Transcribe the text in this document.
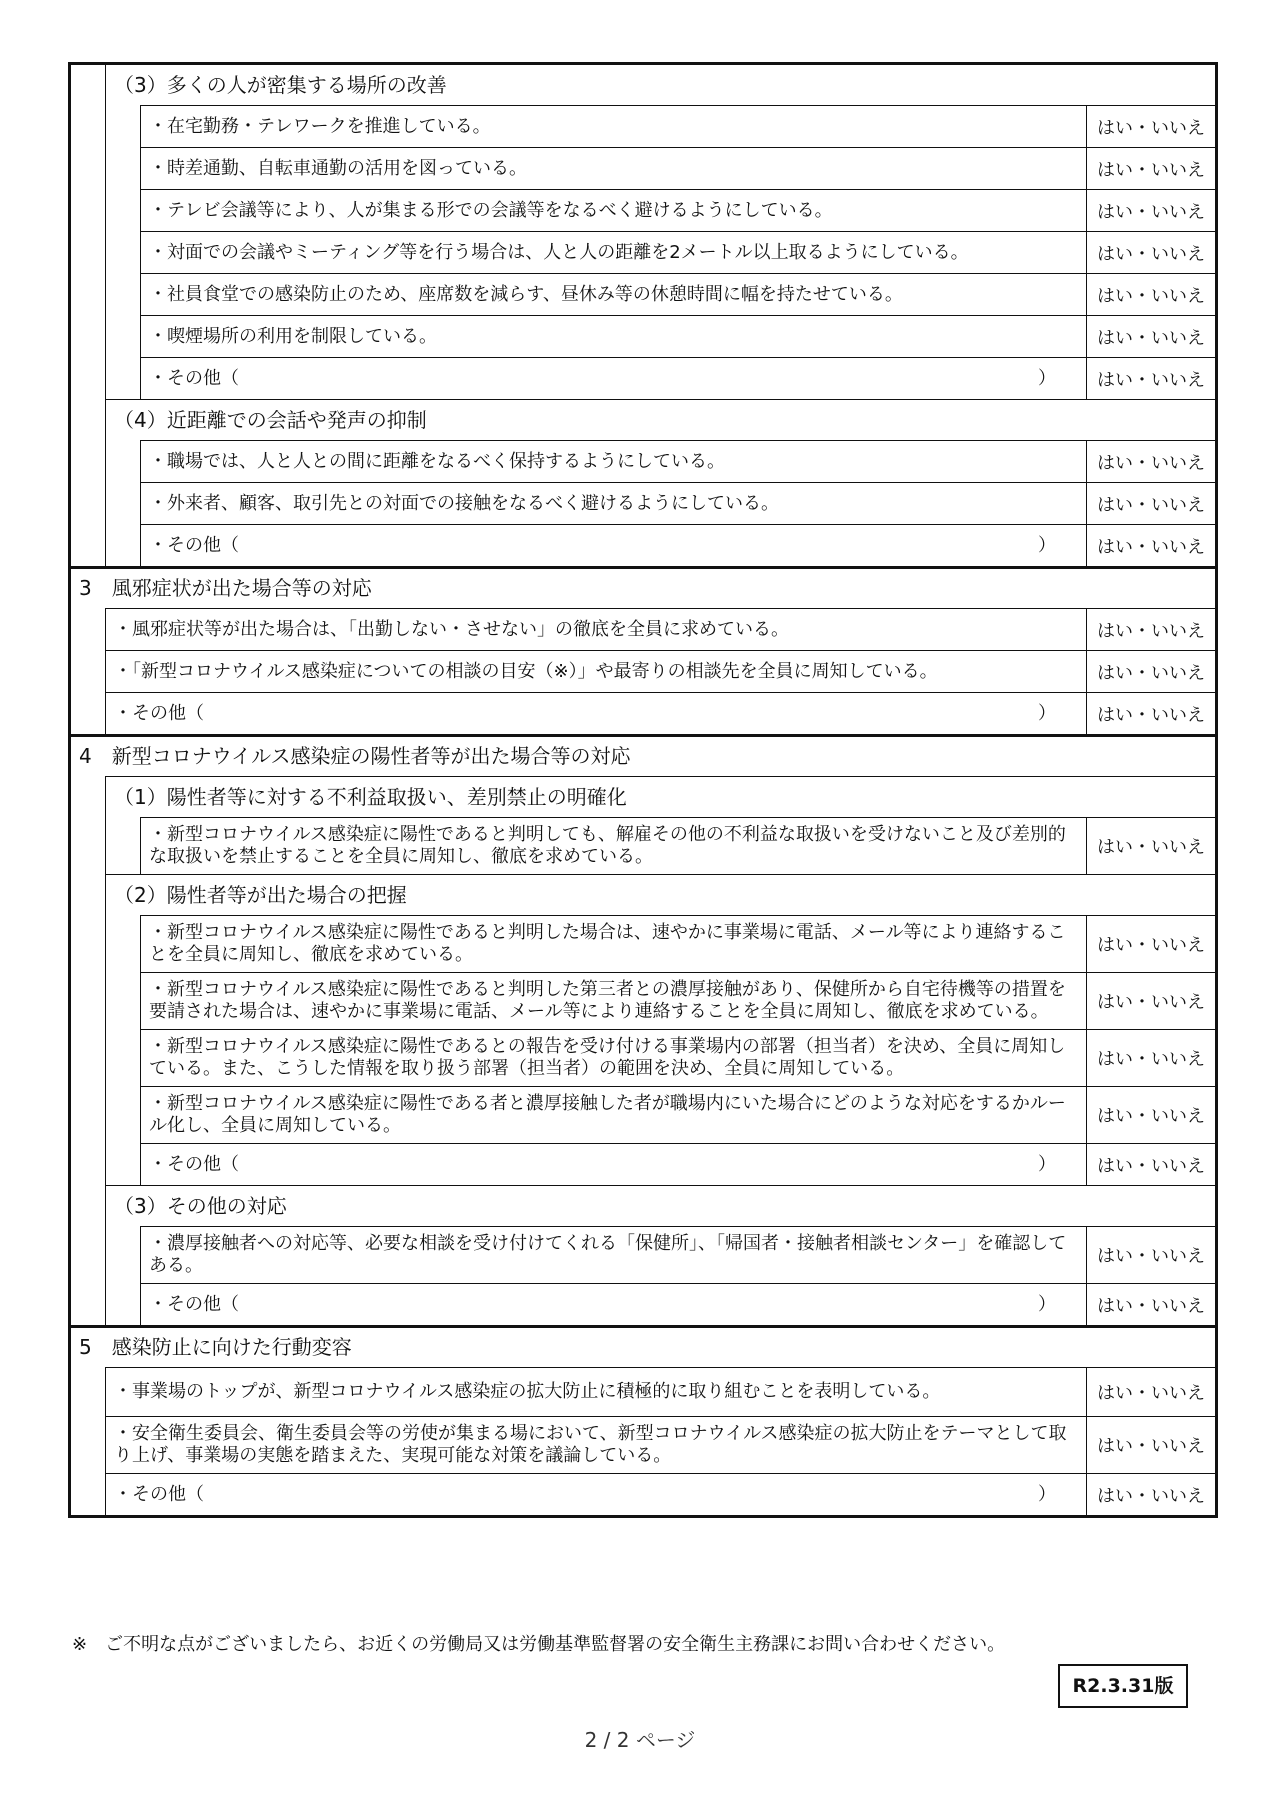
（3）多くの人が密集する場所の改善
・在宅勤務・テレワークを推進している。	はい・いいえ
・時差通勤、自転車通勤の活用を図っている。	はい・いいえ
・テレビ会議等により、人が集まる形での会議等をなるべく避けるようにしている。	はい・いいえ
・対面での会議やミーティング等を行う場合は、人と人の距離を2メートル以上取るようにしている。	はい・いいえ
・社員食堂での感染防止のため、座席数を減らす、昼休み等の休憩時間に幅を持たせている。	はい・いいえ
・喫煙場所の利用を制限している。	はい・いいえ
・その他（	）	はい・いいえ
（4）近距離での会話や発声の抑制
・職場では、人と人との間に距離をなるべく保持するようにしている。	はい・いいえ
・外来者、顧客、取引先との対面での接触をなるべく避けるようにしている。	はい・いいえ
・その他（	）	はい・いいえ
3　風邪症状が出た場合等の対応
・風邪症状等が出た場合は、「出勤しない・させない」の徹底を全員に求めている。	はい・いいえ
・「新型コロナウイルス感染症についての相談の目安（※）」や最寄りの相談先を全員に周知している。	はい・いいえ
・その他（	）	はい・いいえ
4　新型コロナウイルス感染症の陽性者等が出た場合等の対応
（1）陽性者等に対する不利益取扱い、差別禁止の明確化
・新型コロナウイルス感染症に陽性であると判明しても、解雇その他の不利益な取扱いを受けないこと及び差別的な取扱いを禁止することを全員に周知し、徹底を求めている。	はい・いいえ
（2）陽性者等が出た場合の把握
・新型コロナウイルス感染症に陽性であると判明した場合は、速やかに事業場に電話、メール等により連絡することを全員に周知し、徹底を求めている。	はい・いいえ
・新型コロナウイルス感染症に陽性であると判明した第三者との濃厚接触があり、保健所から自宅待機等の措置を要請された場合は、速やかに事業場に電話、メール等により連絡することを全員に周知し、徹底を求めている。	はい・いいえ
・新型コロナウイルス感染症に陽性であるとの報告を受け付ける事業場内の部署（担当者）を決め、全員に周知している。また、こうした情報を取り扱う部署（担当者）の範囲を決め、全員に周知している。	はい・いいえ
・新型コロナウイルス感染症に陽性である者と濃厚接触した者が職場内にいた場合にどのような対応をするかルール化し、全員に周知している。	はい・いいえ
・その他（	）	はい・いいえ
（3）その他の対応
・濃厚接触者への対応等、必要な相談を受け付けてくれる「保健所」、「帰国者・接触者相談センター」を確認してある。	はい・いいえ
・その他（	）	はい・いいえ
5　感染防止に向けた行動変容
・事業場のトップが、新型コロナウイルス感染症の拡大防止に積極的に取り組むことを表明している。	はい・いいえ
・安全衛生委員会、衛生委員会等の労使が集まる場において、新型コロナウイルス感染症の拡大防止をテーマとして取り上げ、事業場の実態を踏まえた、実現可能な対策を議論している。	はい・いいえ
・その他（	）	はい・いいえ
※　ご不明な点がございましたら、お近くの労働局又は労働基準監督署の安全衛生主務課にお問い合わせください。
R2.3.31版
2 / 2 ページ
